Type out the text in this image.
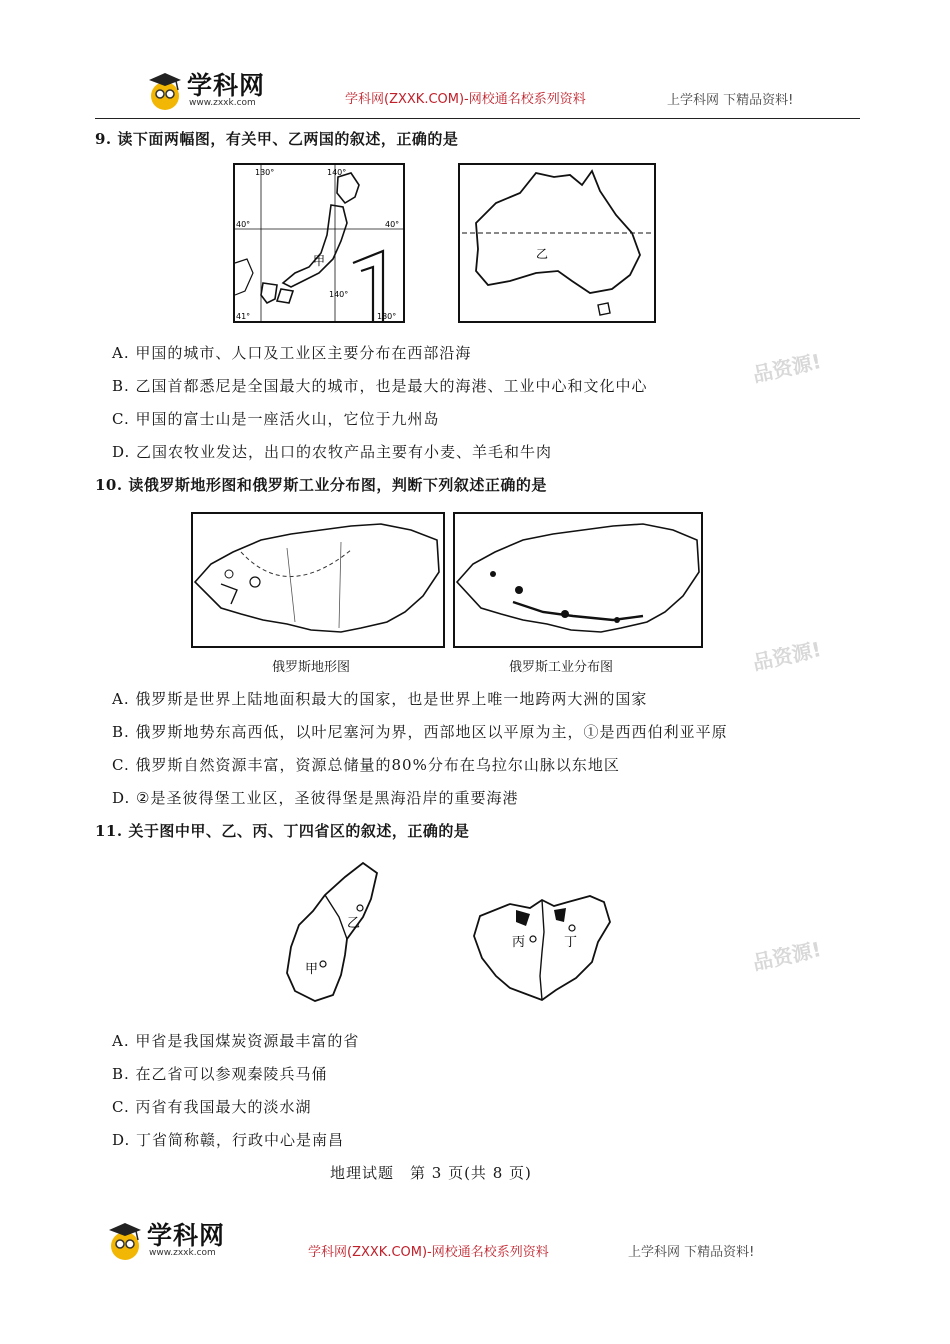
学科网
www.zxxk.com	学科网(ZXXK.COM)-网校通名校系列资料	上学科网 下精品资料!
9. 读下面两幅图，有关甲、乙两国的叙述，正确的是
130°	140°
40°	40°
140°
130°
41°
甲	乙
A. 甲国的城市、人口及工业区主要分布在西部沿海
B. 乙国首都悉尼是全国最大的城市，也是最大的海港、工业中心和文化中心
C. 甲国的富士山是一座活火山，它位于九州岛
D. 乙国农牧业发达，出口的农牧产品主要有小麦、羊毛和牛肉
10. 读俄罗斯地形图和俄罗斯工业分布图，判断下列叙述正确的是
俄罗斯地形图	俄罗斯工业分布图
A. 俄罗斯是世界上陆地面积最大的国家，也是世界上唯一地跨两大洲的国家
B. 俄罗斯地势东高西低，以叶尼塞河为界，西部地区以平原为主，①是西西伯利亚平原
C. 俄罗斯自然资源丰富，资源总储量的80%分布在乌拉尔山脉以东地区
D. ②是圣彼得堡工业区，圣彼得堡是黑海沿岸的重要海港
11. 关于图中甲、乙、丙、丁四省区的叙述，正确的是
乙
甲
丙	丁
A. 甲省是我国煤炭资源最丰富的省
B. 在乙省可以参观秦陵兵马俑
C. 丙省有我国最大的淡水湖
D. 丁省简称赣，行政中心是南昌
地理试题　第 3 页(共 8 页)
品资源!
品资源!
品资源!
学科网
www.zxxk.com	学科网(ZXXK.COM)-网校通名校系列资料	上学科网 下精品资料!
